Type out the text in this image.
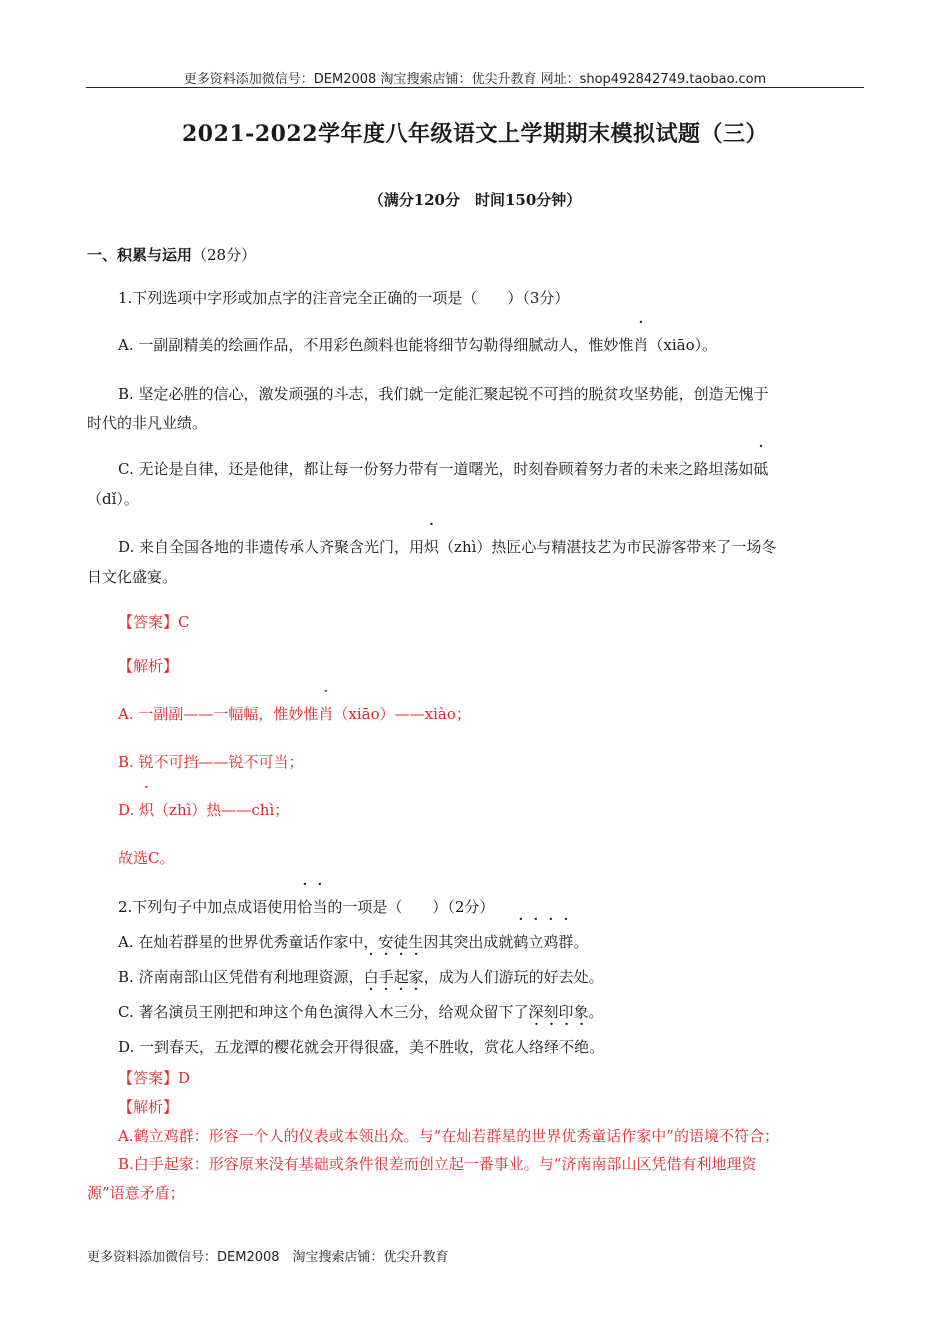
更多资料添加微信号：DEM2008 淘宝搜索店铺：优尖升教育 网址：shop492842749.taobao.com
2021-2022学年度八年级语文上学期期末模拟试题（三）
（满分120分　时间150分钟）
一、积累与运用（28分）
1.下列选项中字形或加点字的注音完全正确的一项是（　　）（3分）
A. 一副副精美的绘画作品，不用彩色颜料也能将细节勾勒得细腻动人，惟妙惟肖（xiāo）。
B. 坚定必胜的信心，激发顽强的斗志，我们就一定能汇聚起锐不可挡的脱贫攻坚势能，创造无愧于
时代的非凡业绩。
C. 无论是自律，还是他律，都让每一份努力带有一道曙光，时刻眷顾着努力者的未来之路坦荡如砥
（dǐ）。
D. 来自全国各地的非遗传承人齐聚含光门，用炽（zhì）热匠心与精湛技艺为市民游客带来了一场冬
日文化盛宴。
【答案】C
【解析】
A. 一副副——一幅幅，惟妙惟肖（xiāo）——xiào；
B. 锐不可挡——锐不可当；
D. 炽（zhì）热——chì；
故选C。
2.下列句子中加点成语使用恰当的一项是（　　）（2分）
A. 在灿若群星的世界优秀童话作家中，安徒生因其突出成就鹤立鸡群。
B. 济南南部山区凭借有利地理资源，白手起家，成为人们游玩的好去处。
C. 著名演员王刚把和珅这个角色演得入木三分，给观众留下了深刻印象。
D. 一到春天，五龙潭的樱花就会开得很盛，美不胜收，赏花人络绎不绝。
【答案】D
【解析】
A.鹤立鸡群：形容一个人的仪表或本领出众。与“在灿若群星的世界优秀童话作家中”的语境不符合；
B.白手起家：形容原来没有基础或条件很差而创立起一番事业。与“济南南部山区凭借有利地理资
源”语意矛盾；
更多资料添加微信号：DEM2008　淘宝搜索店铺：优尖升教育
